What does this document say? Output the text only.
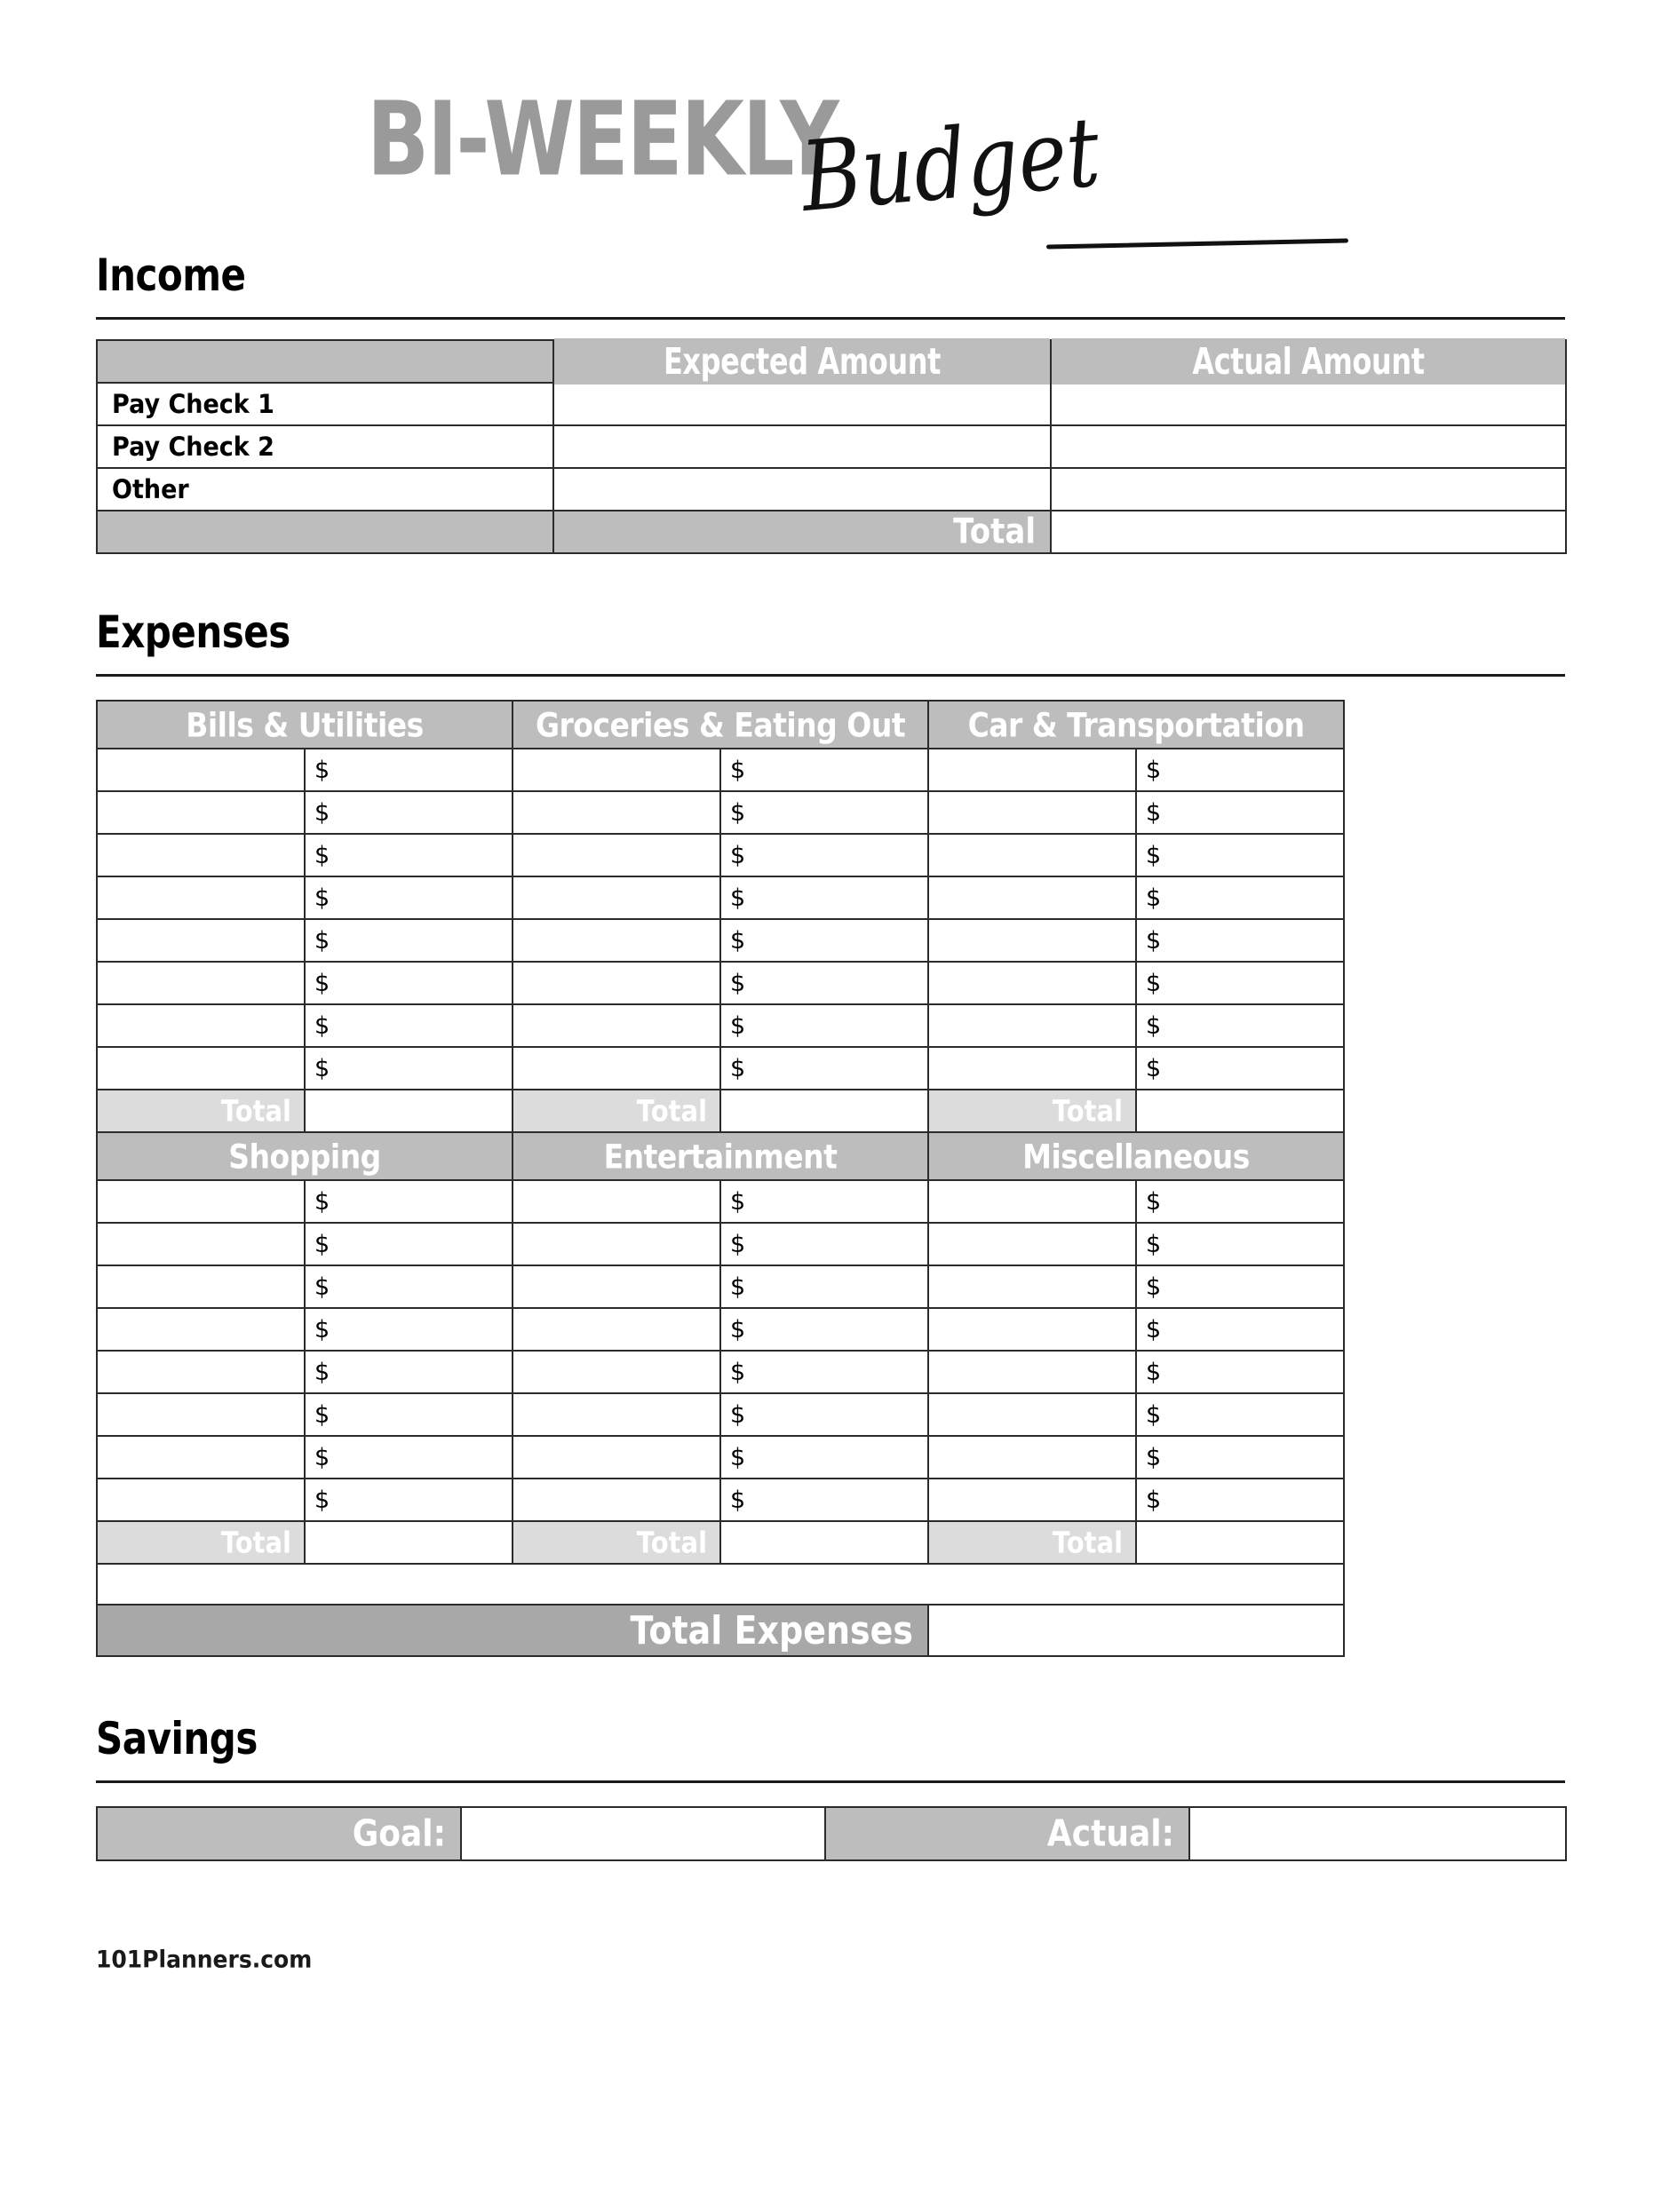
BI-WEEKLY
Budget
Income

	Expected Amount	Actual Amount

Pay Check 1		
Pay Check 2		
Other		
	Total	
Expenses
Bills & Utilities		Groceries & Eating Out		Car & Transportation	
	$		$		$
	$		$		$
	$		$		$
	$		$		$
	$		$		$
	$		$		$
	$		$		$
	$		$		$
Total		Total		Total	
Shopping		Entertainment		Miscellaneous	
	$		$		$
	$		$		$
	$		$		$
	$		$		$
	$		$		$
	$		$		$
	$		$		$
	$		$		$
Total		Total		Total	

Total Expenses					
Savings
Goal:		Actual:	
101Planners.com
